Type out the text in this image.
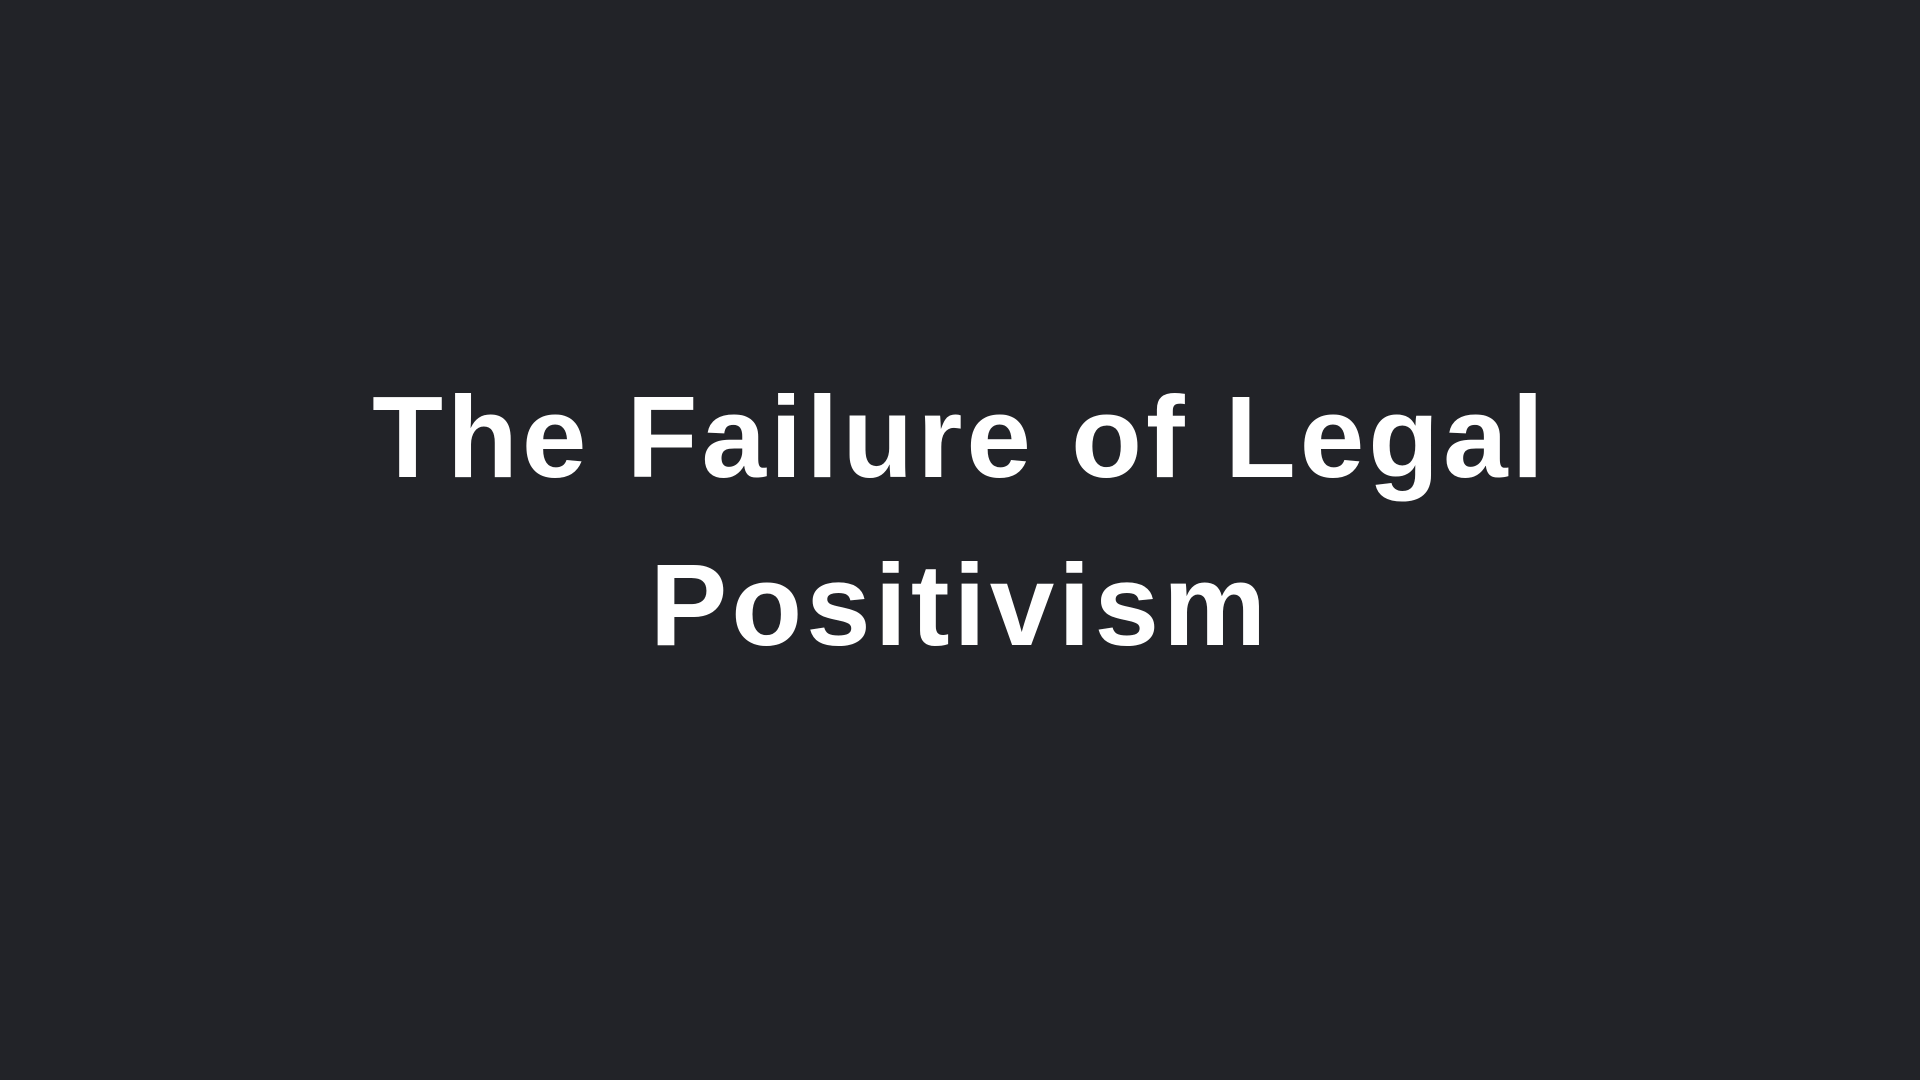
The Failure of Legal Positivism
